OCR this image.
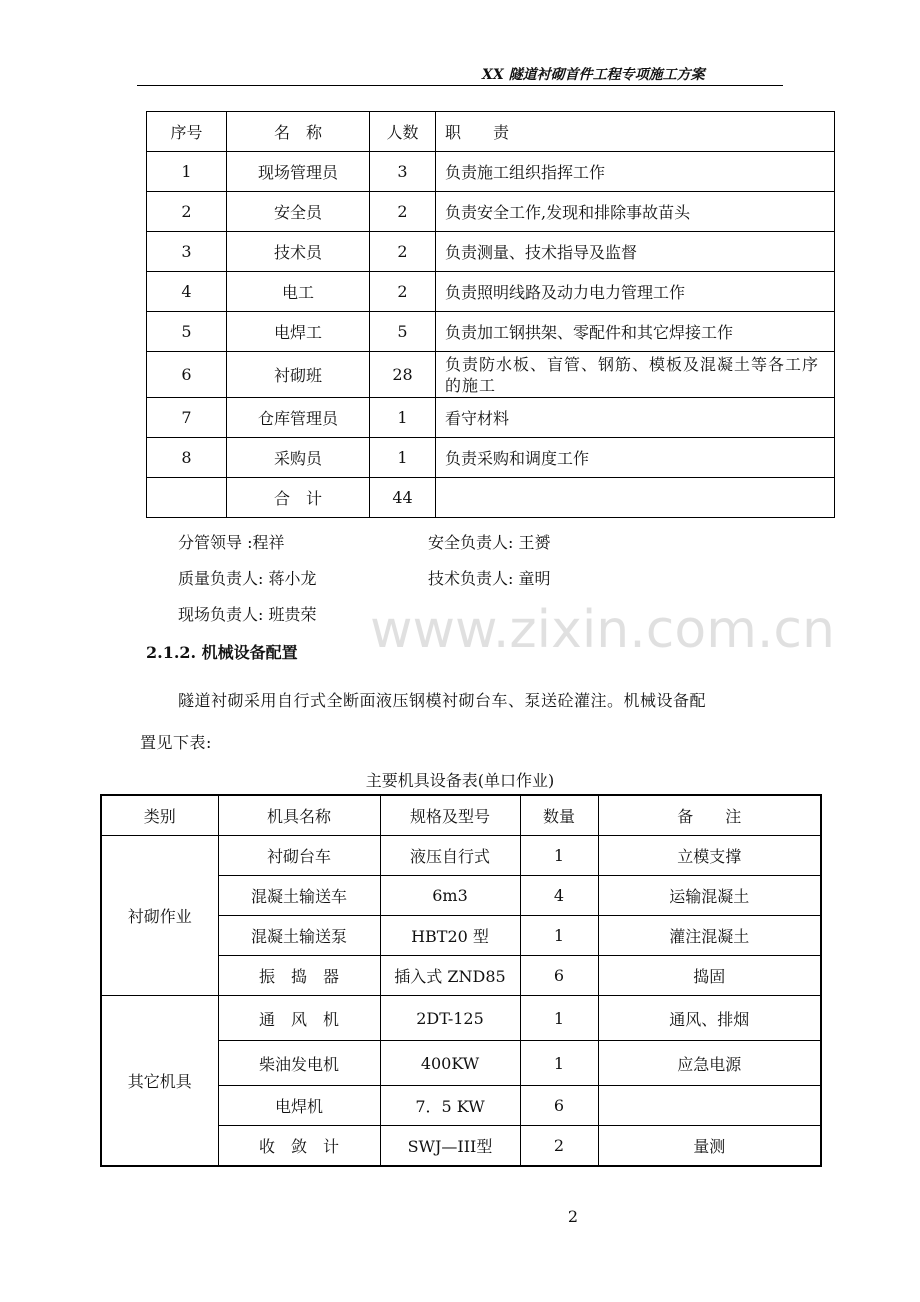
XX 隧道衬砌首件工程专项施工方案
序号	名　称	人数	职　　责
1	现场管理员	3	负责施工组织指挥工作
2	安全员	2	负责安全工作,发现和排除事故苗头
3	技术员	2	负责测量、技术指导及监督
4	电工	2	负责照明线路及动力电力管理工作
5	电焊工	5	负责加工钢拱架、零配件和其它焊接工作
6	衬砌班	28	负责防水板、盲管、钢筋、模板及混凝土等各工序的施工

7	仓库管理员	1	看守材料
8	采购员	1	负责采购和调度工作
	合　计	44	
分管领导 :程祥	安全负责人: 王赟
质量负责人: 蒋小龙	技术负责人: 童明
现场负责人: 班贵荣 www.zixin.com.cn
2.1.2. 机械设备配置
隧道衬砌采用自行式全断面液压钢模衬砌台车、泵送砼灌注。机械设备配
置见下表:
主要机具设备表(单口作业)
类别	机具名称	规格及型号	数量	备　　注
衬砌作业	衬砌台车	液压自行式	1	立模支撑
	混凝土输送车	6m3	4	运输混凝土
	混凝土输送泵	HBT20 型	1	灌注混凝土
	振　捣　器	插入式 ZND85	6	捣固
其它机具	通　风　机	2DT-125	1	通风、排烟
	柴油发电机	400KW	1	应急电源
	电焊机	7．5 KW	6	
	收　敛　计	SWJ—III型	2	量测
2
